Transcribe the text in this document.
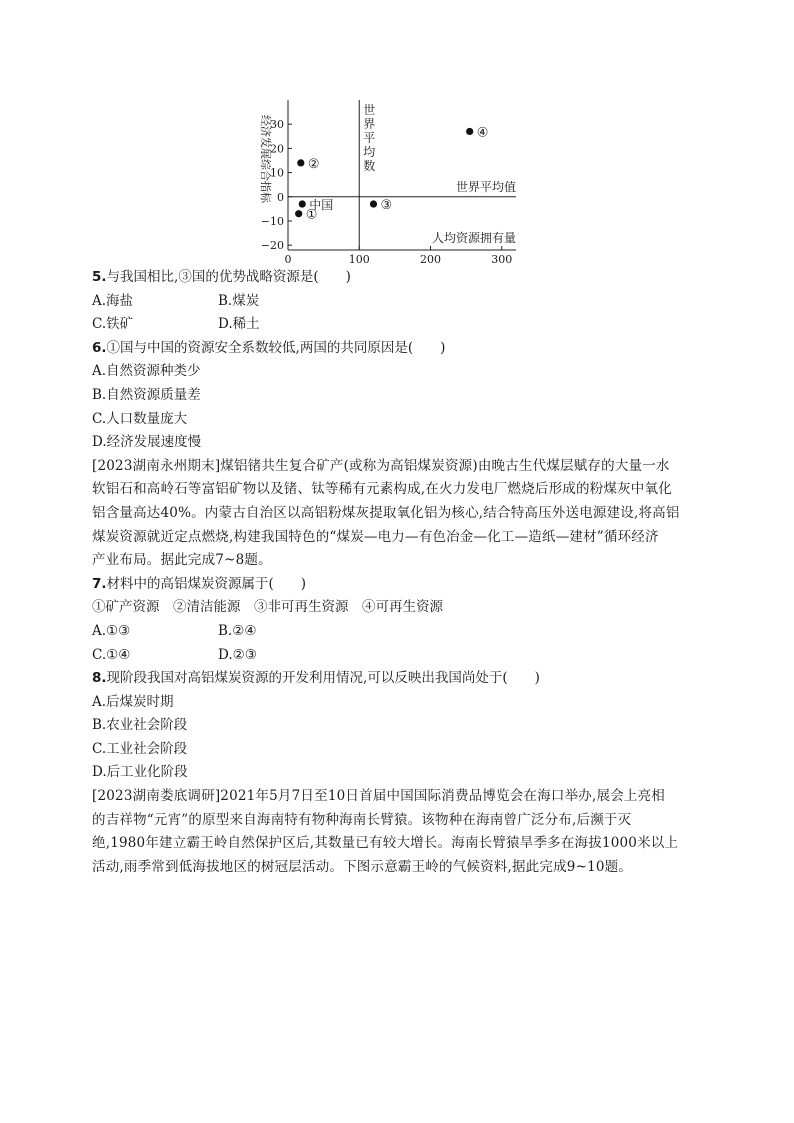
30
20
10
0
−10
−20
0	100	200	300
世
界
平
均
数
世界平均值
人均资源拥有量
经济发展综合指标
①
②
中国	③
④
5.与我国相比,③国的优势战略资源是(　　)
A.海盐	B.煤炭
C.铁矿	D.稀土
6.①国与中国的资源安全系数较低,两国的共同原因是(　　)
A.自然资源种类少
B.自然资源质量差
C.人口数量庞大
D.经济发展速度慢
[2023湖南永州期末]煤铝锗共生复合矿产(或称为高铝煤炭资源)由晚古生代煤层赋存的大量一水
软铝石和高岭石等富铝矿物以及锗、钛等稀有元素构成,在火力发电厂燃烧后形成的粉煤灰中氧化
铝含量高达40%。内蒙古自治区以高铝粉煤灰提取氧化铝为核心,结合特高压外送电源建设,将高铝
煤炭资源就近定点燃烧,构建我国特色的“煤炭—电力—有色冶金—化工—造纸—建材”循环经济
产业布局。据此完成7~8题。
7.材料中的高铝煤炭资源属于(　　)
①矿产资源　②清洁能源　③非可再生资源　④可再生资源
A.①③	B.②④
C.①④	D.②③
8.现阶段我国对高铝煤炭资源的开发利用情况,可以反映出我国尚处于(　　)
A.后煤炭时期
B.农业社会阶段
C.工业社会阶段
D.后工业化阶段
[2023湖南娄底调研]2021年5月7日至10日首届中国国际消费品博览会在海口举办,展会上亮相
的吉祥物“元宵”的原型来自海南特有物种海南长臂猿。该物种在海南曾广泛分布,后濒于灭
绝,1980年建立霸王岭自然保护区后,其数量已有较大增长。海南长臂猿旱季多在海拔1000米以上
活动,雨季常到低海拔地区的树冠层活动。下图示意霸王岭的气候资料,据此完成9~10题。
